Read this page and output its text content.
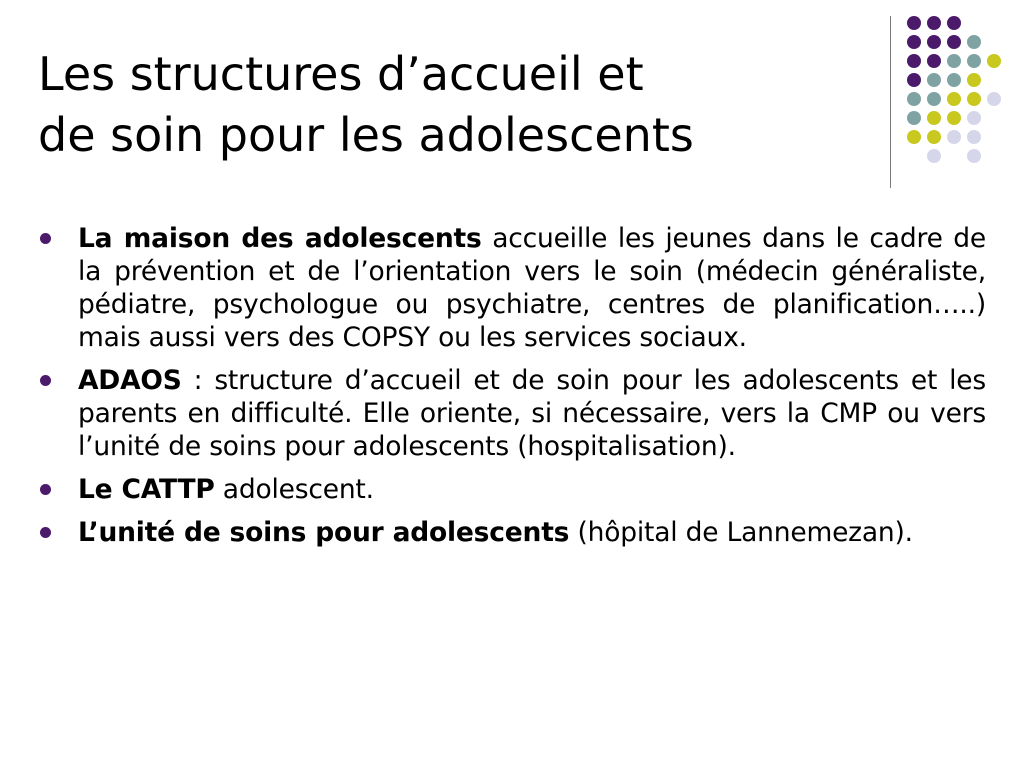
Les structures d’accueil et
de soin pour les adolescents
La maison des adolescents accueille les jeunes dans le cadre de la prévention et de l’orientation vers le soin (médecin généraliste, pédiatre, psychologue ou psychiatre, centres de planification…..) mais aussi vers des COPSY ou les services sociaux.
ADAOS : structure d’accueil et de soin pour les adolescents et les parents en difficulté. Elle oriente, si nécessaire, vers la CMP ou vers l’unité de soins pour adolescents (hospitalisation).
Le CATTP adolescent.
L’unité de soins pour adolescents (hôpital de Lannemezan).
